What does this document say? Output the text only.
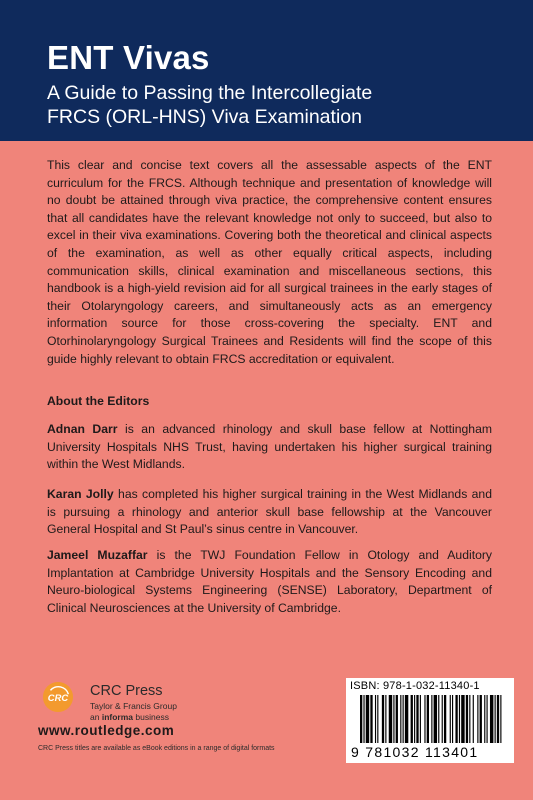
ENT Vivas
A Guide to Passing the Intercollegiate
FRCS (ORL-HNS) Viva Examination
This clear and concise text covers all the assessable aspects of the ENT curriculum for the FRCS. Although technique and presentation of knowledge will no doubt be attained through viva practice, the comprehensive content ensures that all candidates have the relevant knowledge not only to succeed, but also to excel in their viva examinations. Covering both the theoretical and clinical aspects of the examination, as well as other equally critical aspects, including communication skills, clinical examination and miscellaneous sections, this handbook is a high-yield revision aid for all surgical trainees in the early stages of their Otolaryngology careers, and simultaneously acts as an emergency information source for those cross-covering the specialty. ENT and Otorhinolaryngology Surgical Trainees and Residents will find the scope of this guide highly relevant to obtain FRCS accreditation or equivalent.
About the Editors
Adnan Darr is an advanced rhinology and skull base fellow at Nottingham University Hospitals NHS Trust, having undertaken his higher surgical training within the West Midlands.
Karan Jolly has completed his higher surgical training in the West Midlands and is pursuing a rhinology and anterior skull base fellowship at the Vancouver General Hospital and St Paul’s sinus centre in Vancouver.
Jameel Muzaffar is the TWJ Foundation Fellow in Otology and Auditory Implantation at Cambridge University Hospitals and the Sensory Encoding and Neuro-biological Systems Engineering (SENSE) Laboratory, Department of Clinical Neurosciences at the University of Cambridge.
CRC CRC Press
Taylor & Francis Group
an informa business
www.routledge.com
CRC Press titles are available as eBook editions in a range of digital formats
ISBN: 978-1-032-11340-1
9 781032 113401
